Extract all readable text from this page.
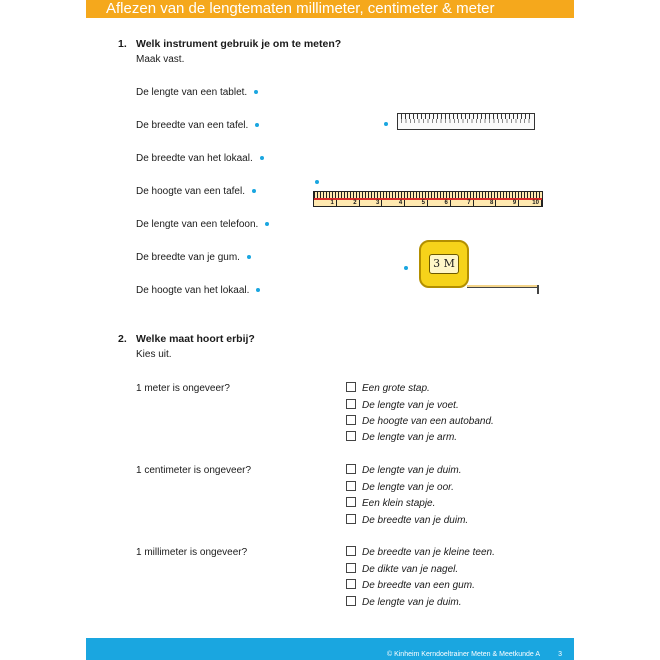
Aflezen van de lengtematen millimeter, centimeter & meter
1. Welk instrument gebruik je om te meten?
Maak vast.
De lengte van een tablet.
De breedte van een tafel.
De breedte van het lokaal.
De hoogte van een tafel.
De lengte van een telefoon.
De breedte van je gum.
De hoogte van het lokaal.
1	2	3	4	5	6	7	8	9	10
3 M
2. Welke maat hoort erbij?
Kies uit.
1 meter is ongeveer?	Een grote stap.
De lengte van je voet.
De hoogte van een autoband.
De lengte van je arm.
1 centimeter is ongeveer?	De lengte van je duim.
De lengte van je oor.
Een klein stapje.
De breedte van je duim.
1 millimeter is ongeveer?	De breedte van je kleine teen.
De dikte van je nagel.
De breedte van een gum.
De lengte van je duim.
© Kinheim Kerndoeltrainer Meten & Meetkunde A	3
